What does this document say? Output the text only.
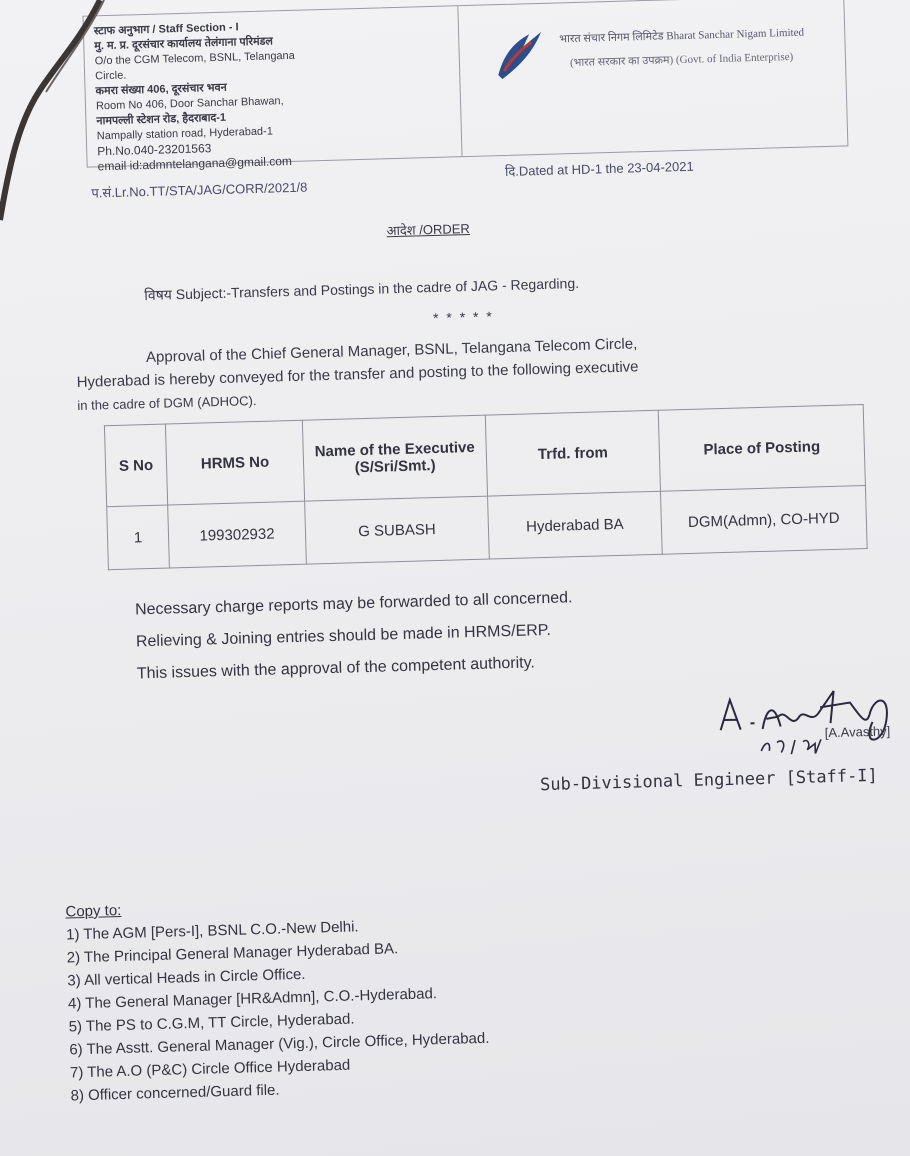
स्टाफ अनुभाग / Staff Section - I
मु. म. प्र. दूरसंचार कार्यालय तेलंगाना परिमंडल
O/o the CGM Telecom, BSNL, Telangana
Circle.
कमरा संख्या 406, दूरसंचार भवन
Room No 406, Door Sanchar Bhawan,
नामपल्ली स्टेशन रोड, हैदराबाद-1
Nampally station road, Hyderabad-1
Ph.No.040-23201563
email id:admntelangana@gmail.com
भारत संचार निगम लिमिटेड Bharat Sanchar Nigam Limited
(भारत सरकार का उपक्रम) (Govt. of India Enterprise)
प.सं.Lr.No.TT/STA/JAG/CORR/2021/8
दि.Dated at HD-1 the 23-04-2021
आदेश /ORDER
विषय Subject:-Transfers and Postings in the cadre of JAG - Regarding.
* * * * *
Approval of the Chief General Manager, BSNL, Telangana Telecom Circle,
Hyderabad is hereby conveyed for the transfer and posting to the following executive
in the cadre of DGM (ADHOC).
S No	HRMS No	Name of the Executive (S/Sri/Smt.)	Trfd. from	Place of Posting
1	199302932	G SUBASH	Hyderabad BA	DGM(Admn), CO-HYD
Necessary charge reports may be forwarded to all concerned.
Relieving & Joining entries should be made in HRMS/ERP.
This issues with the approval of the competent authority.
[A.Avasthy]
Sub-Divisional Engineer [Staff-I]
Copy to:
1) The AGM [Pers-I], BSNL C.O.-New Delhi.
2) The Principal General Manager Hyderabad BA.
3) All vertical Heads in Circle Office.
4) The General Manager [HR&Admn], C.O.-Hyderabad.
5) The PS to C.G.M, TT Circle, Hyderabad.
6) The Asstt. General Manager (Vig.), Circle Office, Hyderabad.
7) The A.O (P&C) Circle Office Hyderabad
8) Officer concerned/Guard file.
